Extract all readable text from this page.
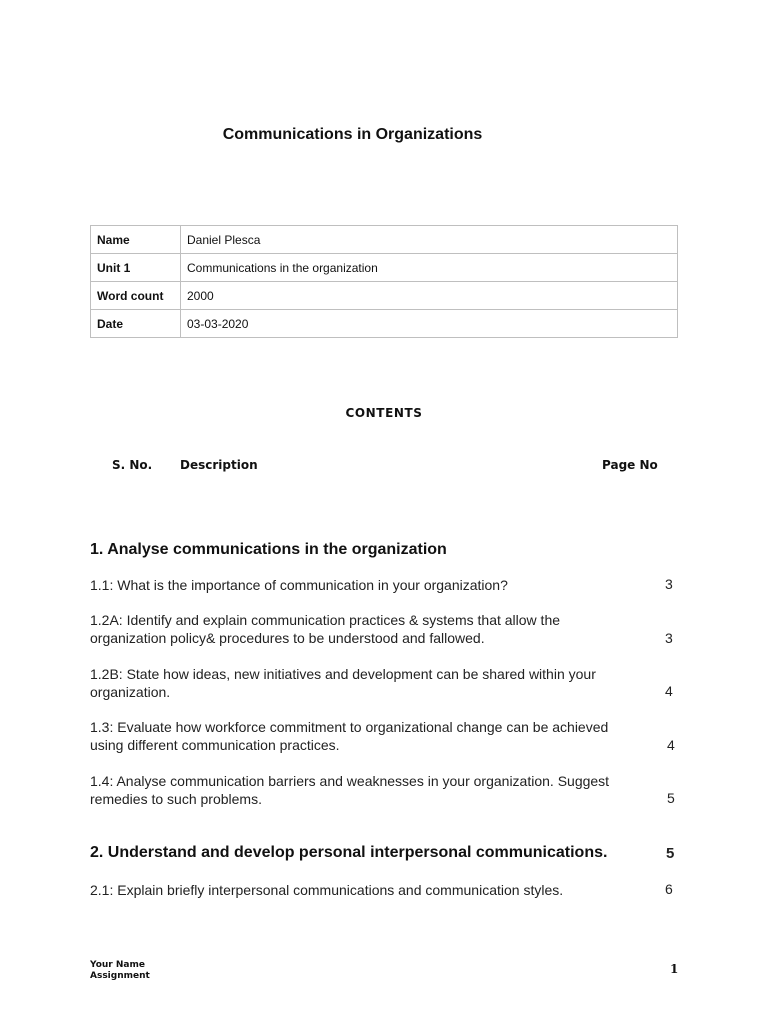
Communications in Organizations
Name	Daniel Plesca
Unit 1	Communications in the organization
Word count	2000
Date	03-03-2020
CONTENTS
S. No. Description	Page No
1. Analyse communications in the organization
1.1: What is the importance of communication in your organization?	3
1.2A: Identify and explain communication practices & systems that allow the
organization policy& procedures to be understood and fallowed.	3
1.2B: State how ideas, new initiatives and development can be shared within your
organization.	4
1.3: Evaluate how workforce commitment to organizational change can be achieved
using different communication practices.	4
1.4: Analyse communication barriers and weaknesses in your organization. Suggest
remedies to such problems.	5
2. Understand and develop personal interpersonal communications.	5
2.1: Explain briefly interpersonal communications and communication styles.	6
Your Name
Assignment	1
